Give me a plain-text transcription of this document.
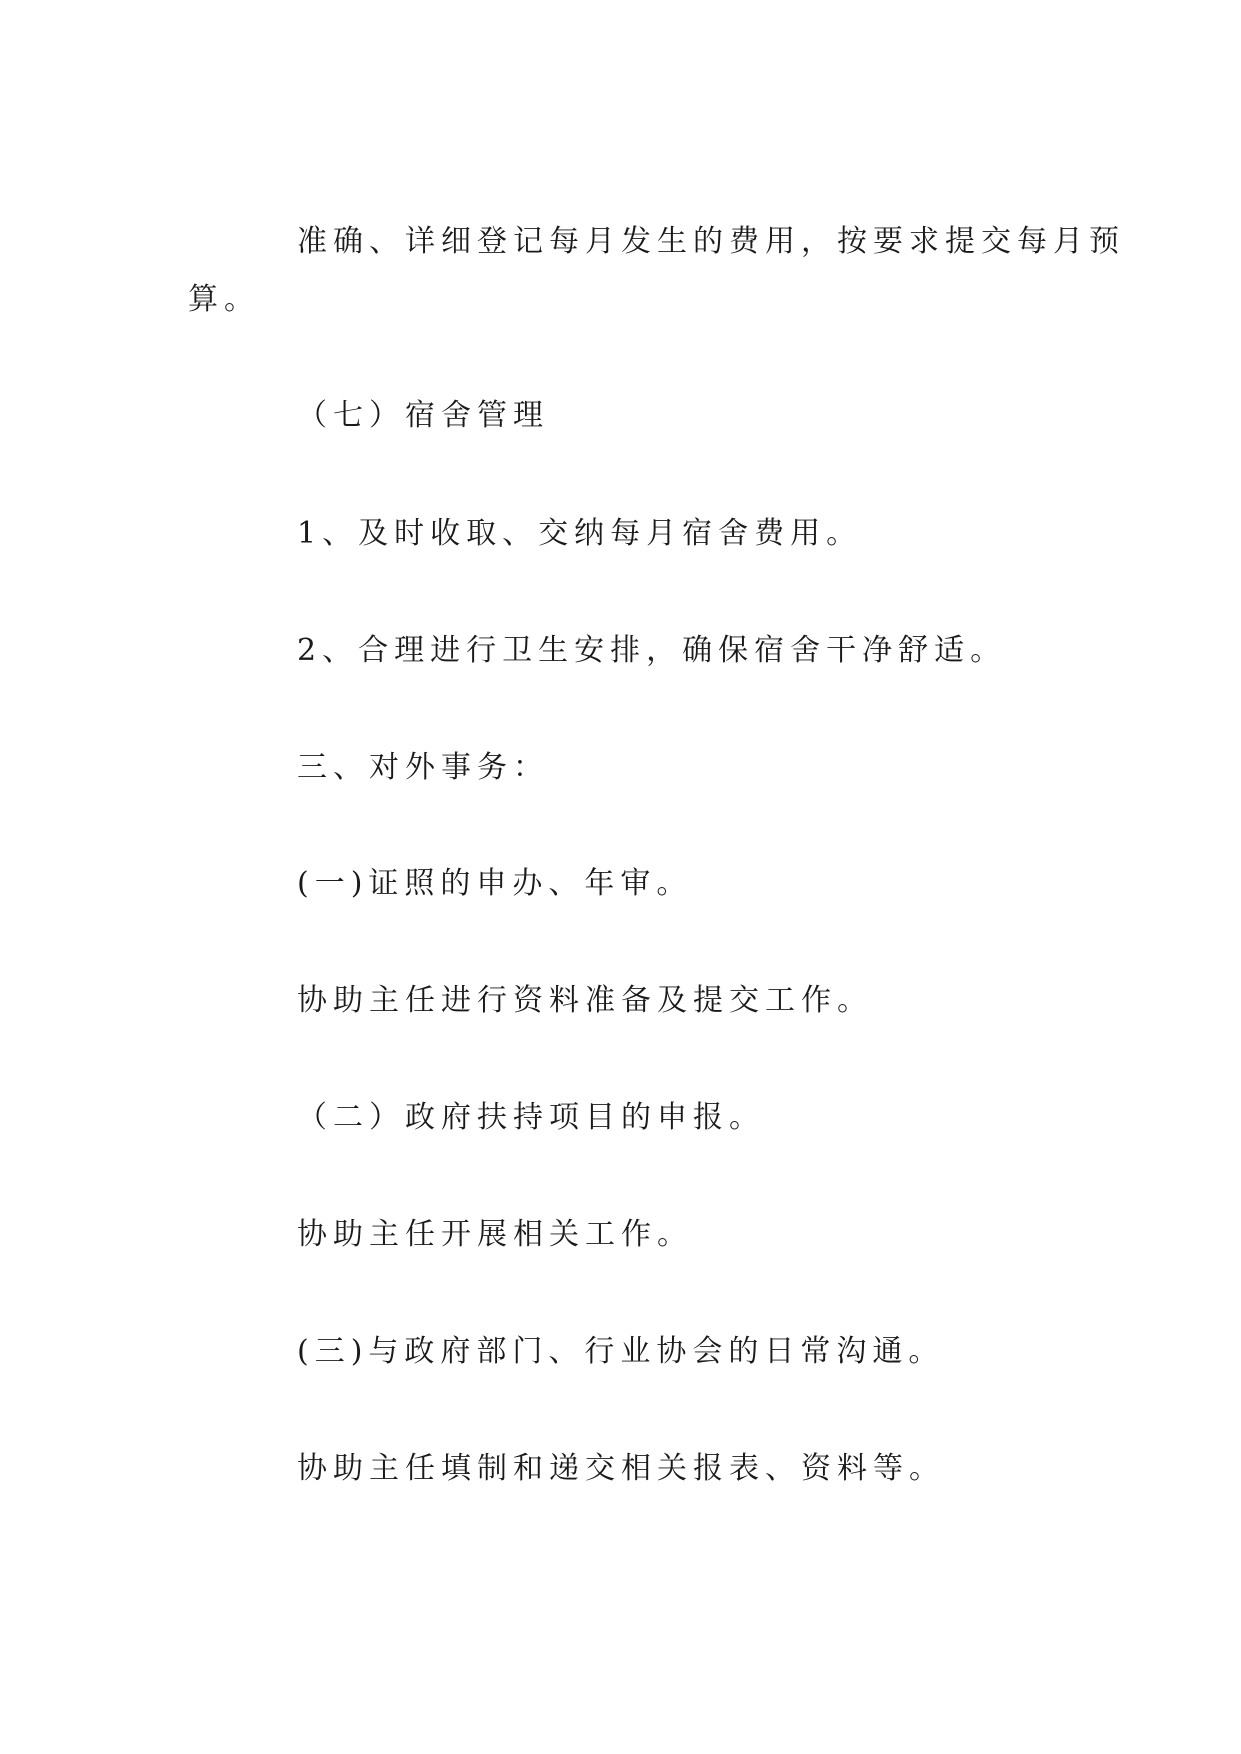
准确、详细登记每月发生的费用，按要求提交每月预
算。
（七）宿舍管理
1、及时收取、交纳每月宿舍费用。
2、合理进行卫生安排，确保宿舍干净舒适。
三、对外事务：
(一)证照的申办、年审。
协助主任进行资料准备及提交工作。
（二）政府扶持项目的申报。
协助主任开展相关工作。
(三)与政府部门、行业协会的日常沟通。
协助主任填制和递交相关报表、资料等。
